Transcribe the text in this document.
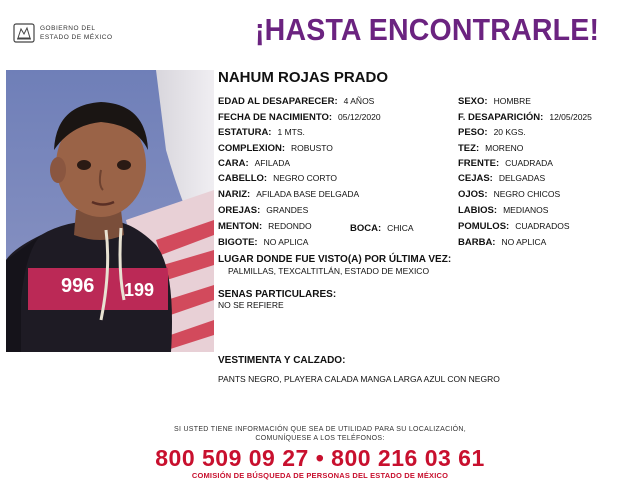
GOBIERNO DEL
ESTADO DE MÉXICO	¡HASTA ENCONTRARLE!
996 199
NAHUM ROJAS PRADO
EDAD AL DESAPARECER: 4 AÑOS
FECHA DE NACIMIENTO: 05/12/2020
ESTATURA: 1 MTS.
COMPLEXION: ROBUSTO
CARA: AFILADA
CABELLO: NEGRO CORTO
NARIZ: AFILADA BASE DELGADA
OREJAS: GRANDES
MENTON: REDONDO
BIGOTE: NO APLICA
BOCA: CHICA
SEXO: HOMBRE
F. DESAPARICIÓN: 12/05/2025
PESO: 20 KGS.
TEZ: MORENO
FRENTE: CUADRADA
CEJAS: DELGADAS
OJOS: NEGRO CHICOS
LABIOS: MEDIANOS
POMULOS: CUADRADOS
BARBA: NO APLICA
LUGAR DONDE FUE VISTO(A) POR ÚLTIMA VEZ:
PALMILLAS, TEXCALTITLÁN, ESTADO DE MEXICO
SENAS PARTICULARES:
NO SE REFIERE
VESTIMENTA Y CALZADO:
PANTS NEGRO, PLAYERA CALADA MANGA LARGA AZUL CON NEGRO
SI USTED TIENE INFORMACIÓN QUE SEA DE UTILIDAD PARA SU LOCALIZACIÓN,
COMUNÍQUESE A LOS TELÉFONOS:
800 509 09 27 • 800 216 03 61
COMISIÓN DE BÚSQUEDA DE PERSONAS DEL ESTADO DE MÉXICO
